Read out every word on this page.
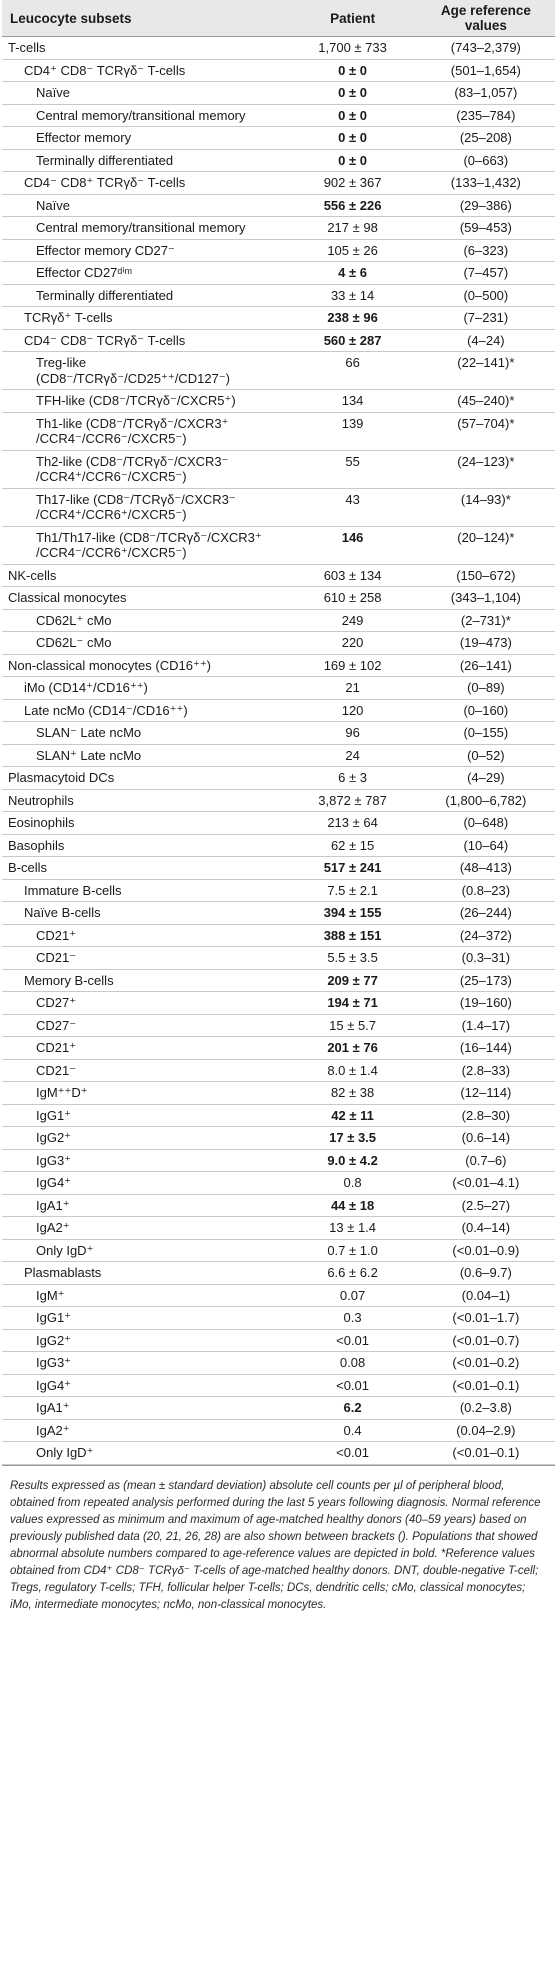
Leucocyte subsets	Patient	Age reference values
T-cells	1,700 ± 733	(743–2,379)
CD4⁺ CD8⁻ TCRγδ⁻ T-cells	0 ± 0	(501–1,654)
Naïve	0 ± 0	(83–1,057)
Central memory/transitional memory	0 ± 0	(235–784)
Effector memory	0 ± 0	(25–208)
Terminally differentiated	0 ± 0	(0–663)
CD4⁻ CD8⁺ TCRγδ⁻ T-cells	902 ± 367	(133–1,432)
Naïve	556 ± 226	(29–386)
Central memory/transitional memory	217 ± 98	(59–453)
Effector memory CD27⁻	105 ± 26	(6–323)
Effector CD27ᵈⁱᵐ	4 ± 6	(7–457)
Terminally differentiated	33 ± 14	(0–500)
TCRγδ⁺ T-cells	238 ± 96	(7–231)
CD4⁻ CD8⁻ TCRγδ⁻ T-cells	560 ± 287	(4–24)
Treg-like (CD8⁻/TCRγδ⁻/CD25⁺⁺/CD127⁻)	66	(22–141)*
TFH-like (CD8⁻/TCRγδ⁻/CXCR5⁺)	134	(45–240)*
Th1-like (CD8⁻/TCRγδ⁻/CXCR3⁺ /CCR4⁻/CCR6⁻/CXCR5⁻)	139	(57–704)*
Th2-like (CD8⁻/TCRγδ⁻/CXCR3⁻ /CCR4⁺/CCR6⁻/CXCR5⁻)	55	(24–123)*
Th17-like (CD8⁻/TCRγδ⁻/CXCR3⁻ /CCR4⁺/CCR6⁺/CXCR5⁻)	43	(14–93)*
Th1/Th17-like (CD8⁻/TCRγδ⁻/CXCR3⁺ /CCR4⁻/CCR6⁺/CXCR5⁻)	146	(20–124)*
NK-cells	603 ± 134	(150–672)
Classical monocytes	610 ± 258	(343–1,104)
CD62L⁺ cMo	249	(2–731)*
CD62L⁻ cMo	220	(19–473)
Non-classical monocytes (CD16⁺⁺)	169 ± 102	(26–141)
iMo (CD14⁺/CD16⁺⁺)	21	(0–89)
Late ncMo (CD14⁻/CD16⁺⁺)	120	(0–160)
SLAN⁻ Late ncMo	96	(0–155)
SLAN⁺ Late ncMo	24	(0–52)
Plasmacytoid DCs	6 ± 3	(4–29)
Neutrophils	3,872 ± 787	(1,800–6,782)
Eosinophils	213 ± 64	(0–648)
Basophils	62 ± 15	(10–64)
B-cells	517 ± 241	(48–413)
Immature B-cells	7.5 ± 2.1	(0.8–23)
Naïve B-cells	394 ± 155	(26–244)
CD21⁺	388 ± 151	(24–372)
CD21⁻	5.5 ± 3.5	(0.3–31)
Memory B-cells	209 ± 77	(25–173)
CD27⁺	194 ± 71	(19–160)
CD27⁻	15 ± 5.7	(1.4–17)
CD21⁺	201 ± 76	(16–144)
CD21⁻	8.0 ± 1.4	(2.8–33)
IgM⁺⁺D⁺	82 ± 38	(12–114)
IgG1⁺	42 ± 11	(2.8–30)
IgG2⁺	17 ± 3.5	(0.6–14)
IgG3⁺	9.0 ± 4.2	(0.7–6)
IgG4⁺	0.8	(<0.01–4.1)
IgA1⁺	44 ± 18	(2.5–27)
IgA2⁺	13 ± 1.4	(0.4–14)
Only IgD⁺	0.7 ± 1.0	(<0.01–0.9)
Plasmablasts	6.6 ± 6.2	(0.6–9.7)
IgM⁺	0.07	(0.04–1)
IgG1⁺	0.3	(<0.01–1.7)
IgG2⁺	<0.01	(<0.01–0.7)
IgG3⁺	0.08	(<0.01–0.2)
IgG4⁺	<0.01	(<0.01–0.1)
IgA1⁺	6.2	(0.2–3.8)
IgA2⁺	0.4	(0.04–2.9)
Only IgD⁺	<0.01	(<0.01–0.1)
Results expressed as (mean ± standard deviation) absolute cell counts per µl of peripheral blood, obtained from repeated analysis performed during the last 5 years following diagnosis. Normal reference values expressed as minimum and maximum of age-matched healthy donors (40–59 years) based on previously published data (20, 21, 26, 28) are also shown between brackets (). Populations that showed abnormal absolute numbers compared to age-reference values are depicted in bold. *Reference values obtained from CD4⁺ CD8⁻ TCRγδ⁻ T-cells of age-matched healthy donors. DNT, double-negative T-cell; Tregs, regulatory T-cells; TFH, follicular helper T-cells; DCs, dendritic cells; cMo, classical monocytes; iMo, intermediate monocytes; ncMo, non-classical monocytes.
